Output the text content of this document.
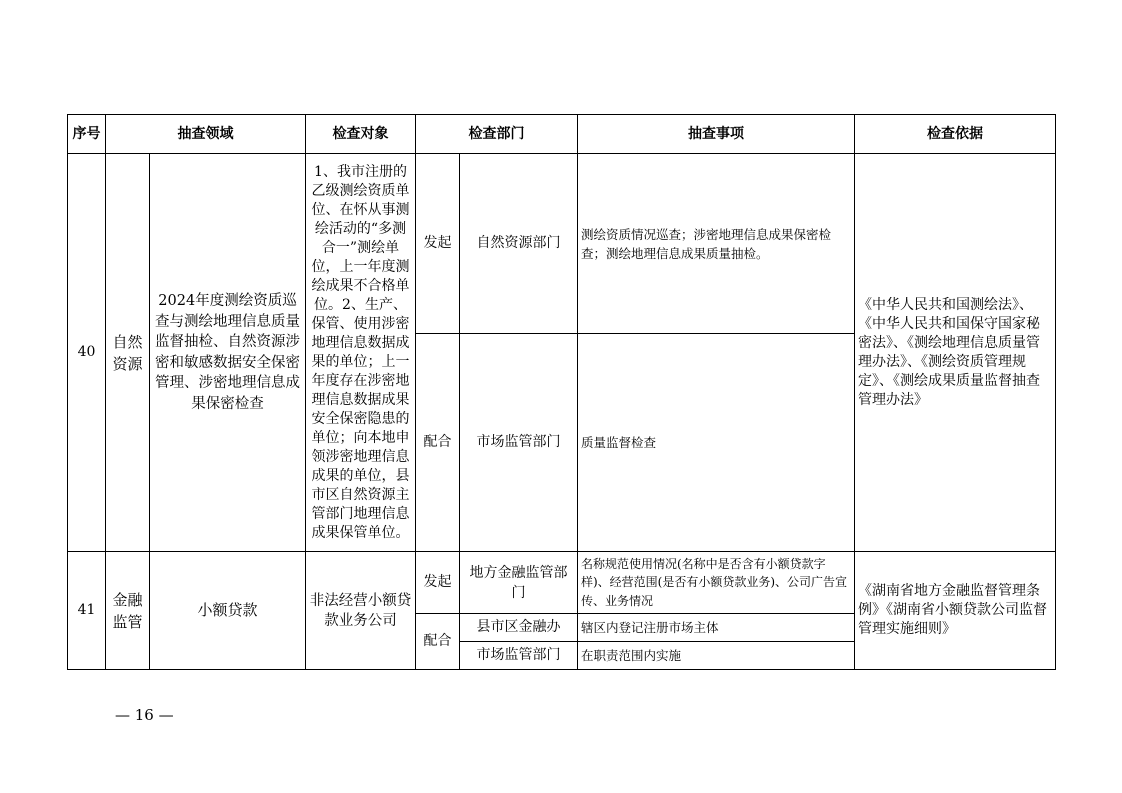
序号	抽查领域		检查对象	检查部门		抽查事项	检查依据
40	自然资源	2024年度测绘资质巡查与测绘地理信息质量监督抽检、自然资源涉密和敏感数据安全保密管理、涉密地理信息成果保密检查	1、我市注册的乙级测绘资质单位、在怀从事测绘活动的“多测合一”测绘单位，上一年度测绘成果不合格单位。2、生产、保管、使用涉密地理信息数据成果的单位；上一年度存在涉密地理信息数据成果安全保密隐患的单位；向本地申领涉密地理信息成果的单位，县市区自然资源主管部门地理信息成果保管单位。	发起	自然资源部门	测绘资质情况巡查；涉密地理信息成果保密检查；测绘地理信息成果质量抽检。	《中华人民共和国测绘法》、《中华人民共和国保守国家秘密法》、《测绘地理信息质量管理办法》、《测绘资质管理规定》、《测绘成果质量监督抽查管理办法》
				配合	市场监管部门	质量监督检查	
41	金融监管	小额贷款	非法经营小额贷款业务公司	发起	地方金融监管部门	名称规范使用情况(名称中是否含有小额贷款字样)、经营范围(是否有小额贷款业务)、公司广告宣传、业务情况	《湖南省地方金融监督管理条例》《湖南省小额贷款公司监督管理实施细则》
				配合	县市区金融办	辖区内登记注册市场主体	
					市场监管部门	在职责范围内实施	
— 16 —
